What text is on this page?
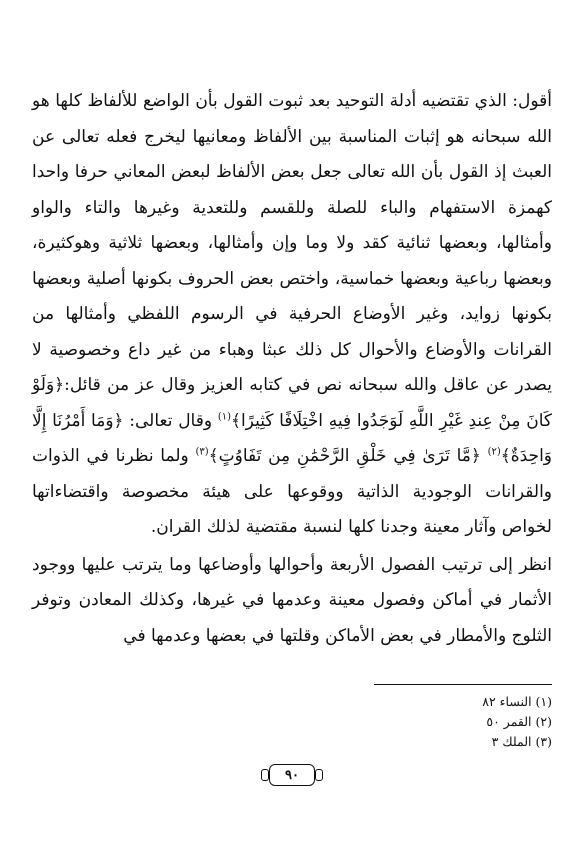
أقول: الذي تقتضيه أدلة التوحيد بعد ثبوت القول بأن الواضع للألفاظ كلها هو الله سبحانه هو إثبات المناسبة بين الألفاظ ومعانيها ليخرج فعله تعالى عن العبث إذ القول بأن الله تعالى جعل بعض الألفاظ لبعض المعاني حرفا واحدا كهمزة الاستفهام والباء للصلة وللقسم وللتعدية وغيرها والتاء والواو وأمثالها، وبعضها ثنائية كقد ولا وما وإن وأمثالها، وبعضها ثلاثية وهوكثيرة، وبعضها رباعية وبعضها خماسية، واختص بعض الحروف بكونها أصلية وبعضها بكونها زوايد، وغير الأوضاع الحرفية في الرسوم اللفظي وأمثالها من القرانات والأوضاع والأحوال كل ذلك عبثا وهباء من غير داع وخصوصية لا يصدر عن عاقل والله سبحانه نص في كتابه العزيز وقال عز من قائل:﴿وَلَوْ كَانَ مِنْ عِندِ غَيْرِ اللَّهِ لَوَجَدُوا فِيهِ اخْتِلَافًا كَثِيرًا﴾$^{(١)}$ وقال تعالى: ﴿وَمَا أَمْرُنَا إِلَّا وَاحِدَةٌ﴾$^{(٢)}$ ﴿مَّا تَرَىٰ فِي خَلْقِ الرَّحْمَٰنِ مِن تَفَاوُتٍ﴾$^{(٣)}$ ولما نظرنا في الذوات والقرانات الوجودية الذاتية ووقوعها على هيئة مخصوصة واقتضاءاتها لخواص وآثار معينة وجدنا كلها لنسبة مقتضية لذلك القران.

انظر إلى ترتيب الفصول الأربعة وأحوالها وأوضاعها وما يترتب عليها ووجود الأثمار في أماكن وفصول معينة وعدمها في غيرها، وكذلك المعادن وتوفر الثلوج والأمطار في بعض الأماكن وقلتها في بعضها وعدمها في

(١) النساء ٨٢
(٢) القمر ٥٠
(٣) الملك ٣
٩٠
